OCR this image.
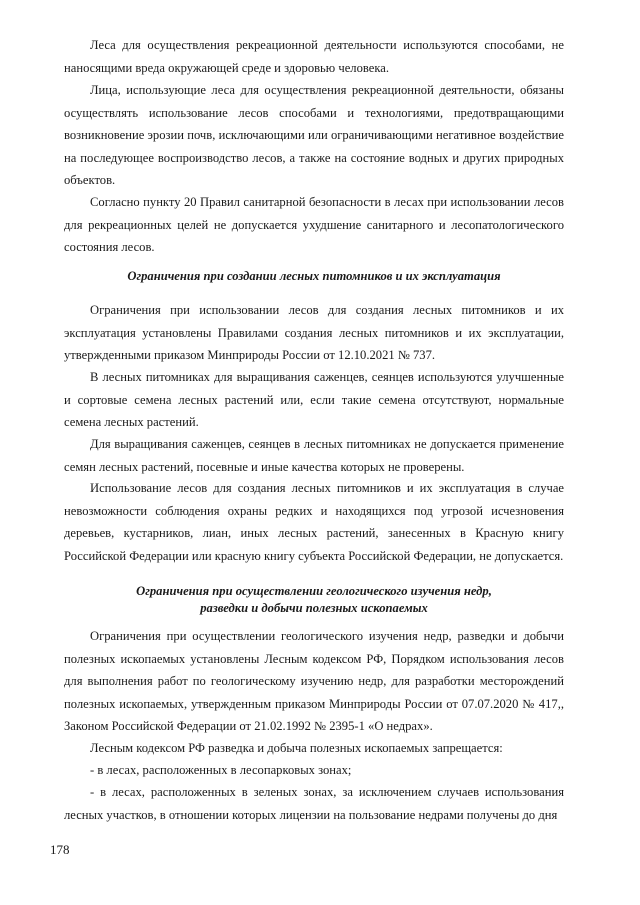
Леса для осуществления рекреационной деятельности используются способами, не наносящими вреда окружающей среде и здоровью человека.

Лица, использующие леса для осуществления рекреационной деятельности, обязаны осуществлять использование лесов способами и технологиями, предотвращающими возникновение эрозии почв, исключающими или ограничивающими негативное воздействие на последующее воспроизводство лесов, а также на состояние водных и других природных объектов.

Согласно пункту 20 Правил санитарной безопасности в лесах при использовании лесов для рекреационных целей не допускается ухудшение санитарного и лесопатологического состояния лесов.

Ограничения при создании лесных питомников и их эксплуатация

Ограничения при использовании лесов для создания лесных питомников и их эксплуатация установлены Правилами создания лесных питомников и их эксплуатации, утвержденными приказом Минприроды России от 12.10.2021 № 737.

В лесных питомниках для выращивания саженцев, сеянцев используются улучшенные и сортовые семена лесных растений или, если такие семена отсутствуют, нормальные семена лесных растений.

Для выращивания саженцев, сеянцев в лесных питомниках не допускается применение семян лесных растений, посевные и иные качества которых не проверены.

Использование лесов для создания лесных питомников и их эксплуатация в случае невозможности соблюдения охраны редких и находящихся под угрозой исчезновения деревьев, кустарников, лиан, иных лесных растений, занесенных в Красную книгу Российской Федерации или красную книгу субъекта Российской Федерации, не допускается.

Ограничения при осуществлении геологического изучения недр,
разведки и добычи полезных ископаемых

Ограничения при осуществлении геологического изучения недр, разведки и добычи полезных ископаемых установлены Лесным кодексом РФ, Порядком использования лесов для выполнения работ по геологическому изучению недр, для разработки месторождений полезных ископаемых, утвержденным приказом Минприроды России от 07.07.2020 № 417,, Законом Российской Федерации от 21.02.1992 № 2395-1 «О недрах».

Лесным кодексом РФ разведка и добыча полезных ископаемых запрещается:

- в лесах, расположенных в лесопарковых зонах;

- в лесах, расположенных в зеленых зонах, за исключением случаев использования лесных участков, в отношении которых лицензии на пользование недрами получены до дня

178
